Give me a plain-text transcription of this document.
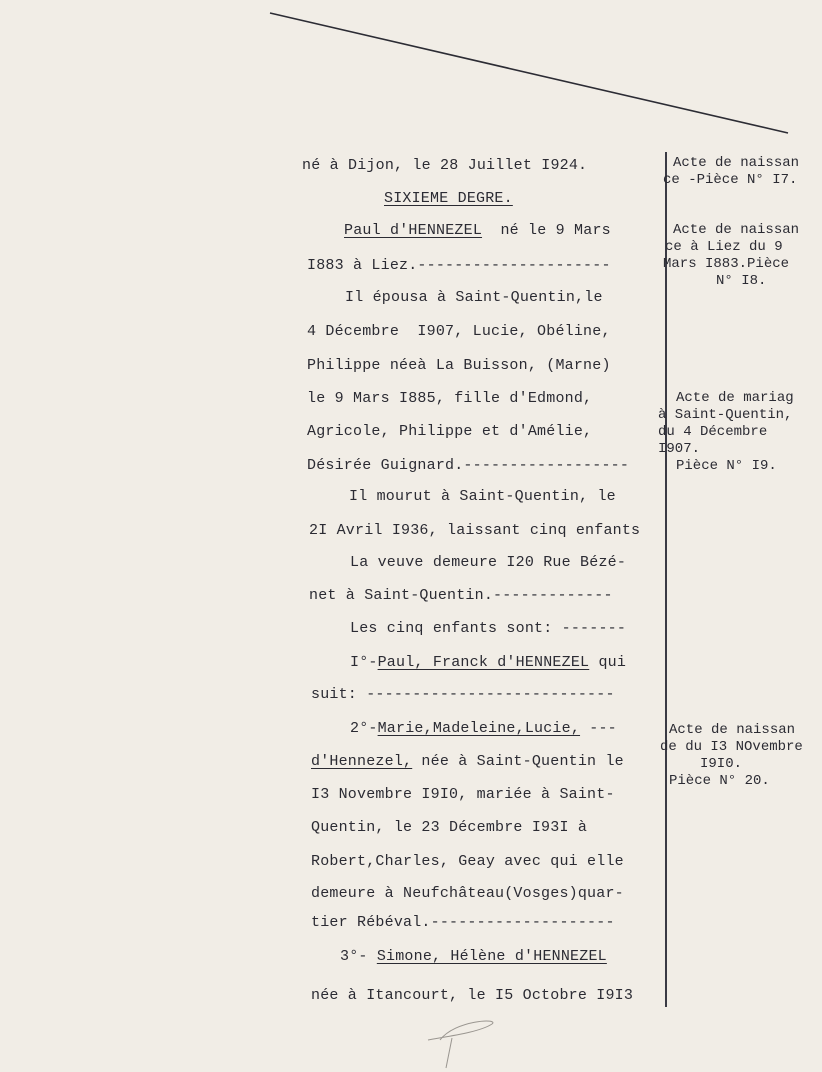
né à Dijon, le 28 Juillet I924.
SIXIEME DEGRE.
Paul d'HENNEZEL né le 9 Mars
I883 à Liez.---------------------
Il épousa à Saint-Quentin,le
4 Décembre  I907, Lucie, Obéline,
Philippe néeà La Buisson, (Marne)
le 9 Mars I885, fille d'Edmond,
Agricole, Philippe et d'Amélie,
Désirée Guignard.------------------
Il mourut à Saint-Quentin, le
2I Avril I936, laissant cinq enfants
La veuve demeure I20 Rue Bézé-
net à Saint-Quentin.-------------
Les cinq enfants sont: -------
I°-Paul, Franck d'HENNEZEL qui
suit: ---------------------------
2°-Marie,Madeleine,Lucie, ---
d'Hennezel, née à Saint-Quentin le
I3 Novembre I9I0, mariée à Saint-
Quentin, le 23 Décembre I93I à
Robert,Charles, Geay avec qui elle
demeure à Neufchâteau(Vosges)quar-
tier Rébéval.--------------------
3°- Simone, Hélène d'HENNEZEL
née à Itancourt, le I5 Octobre I9I3
Acte de naissan
ce -Pièce N° I7.
Acte de naissan
ce à Liez du 9
Mars I883.Pièce
N° I8.
Acte de mariag
à Saint-Quentin,
du 4 Décembre
I907.
Pièce N° I9.
Acte de naissan
de du I3 NOvembre
I9I0.
Pièce N° 20.
